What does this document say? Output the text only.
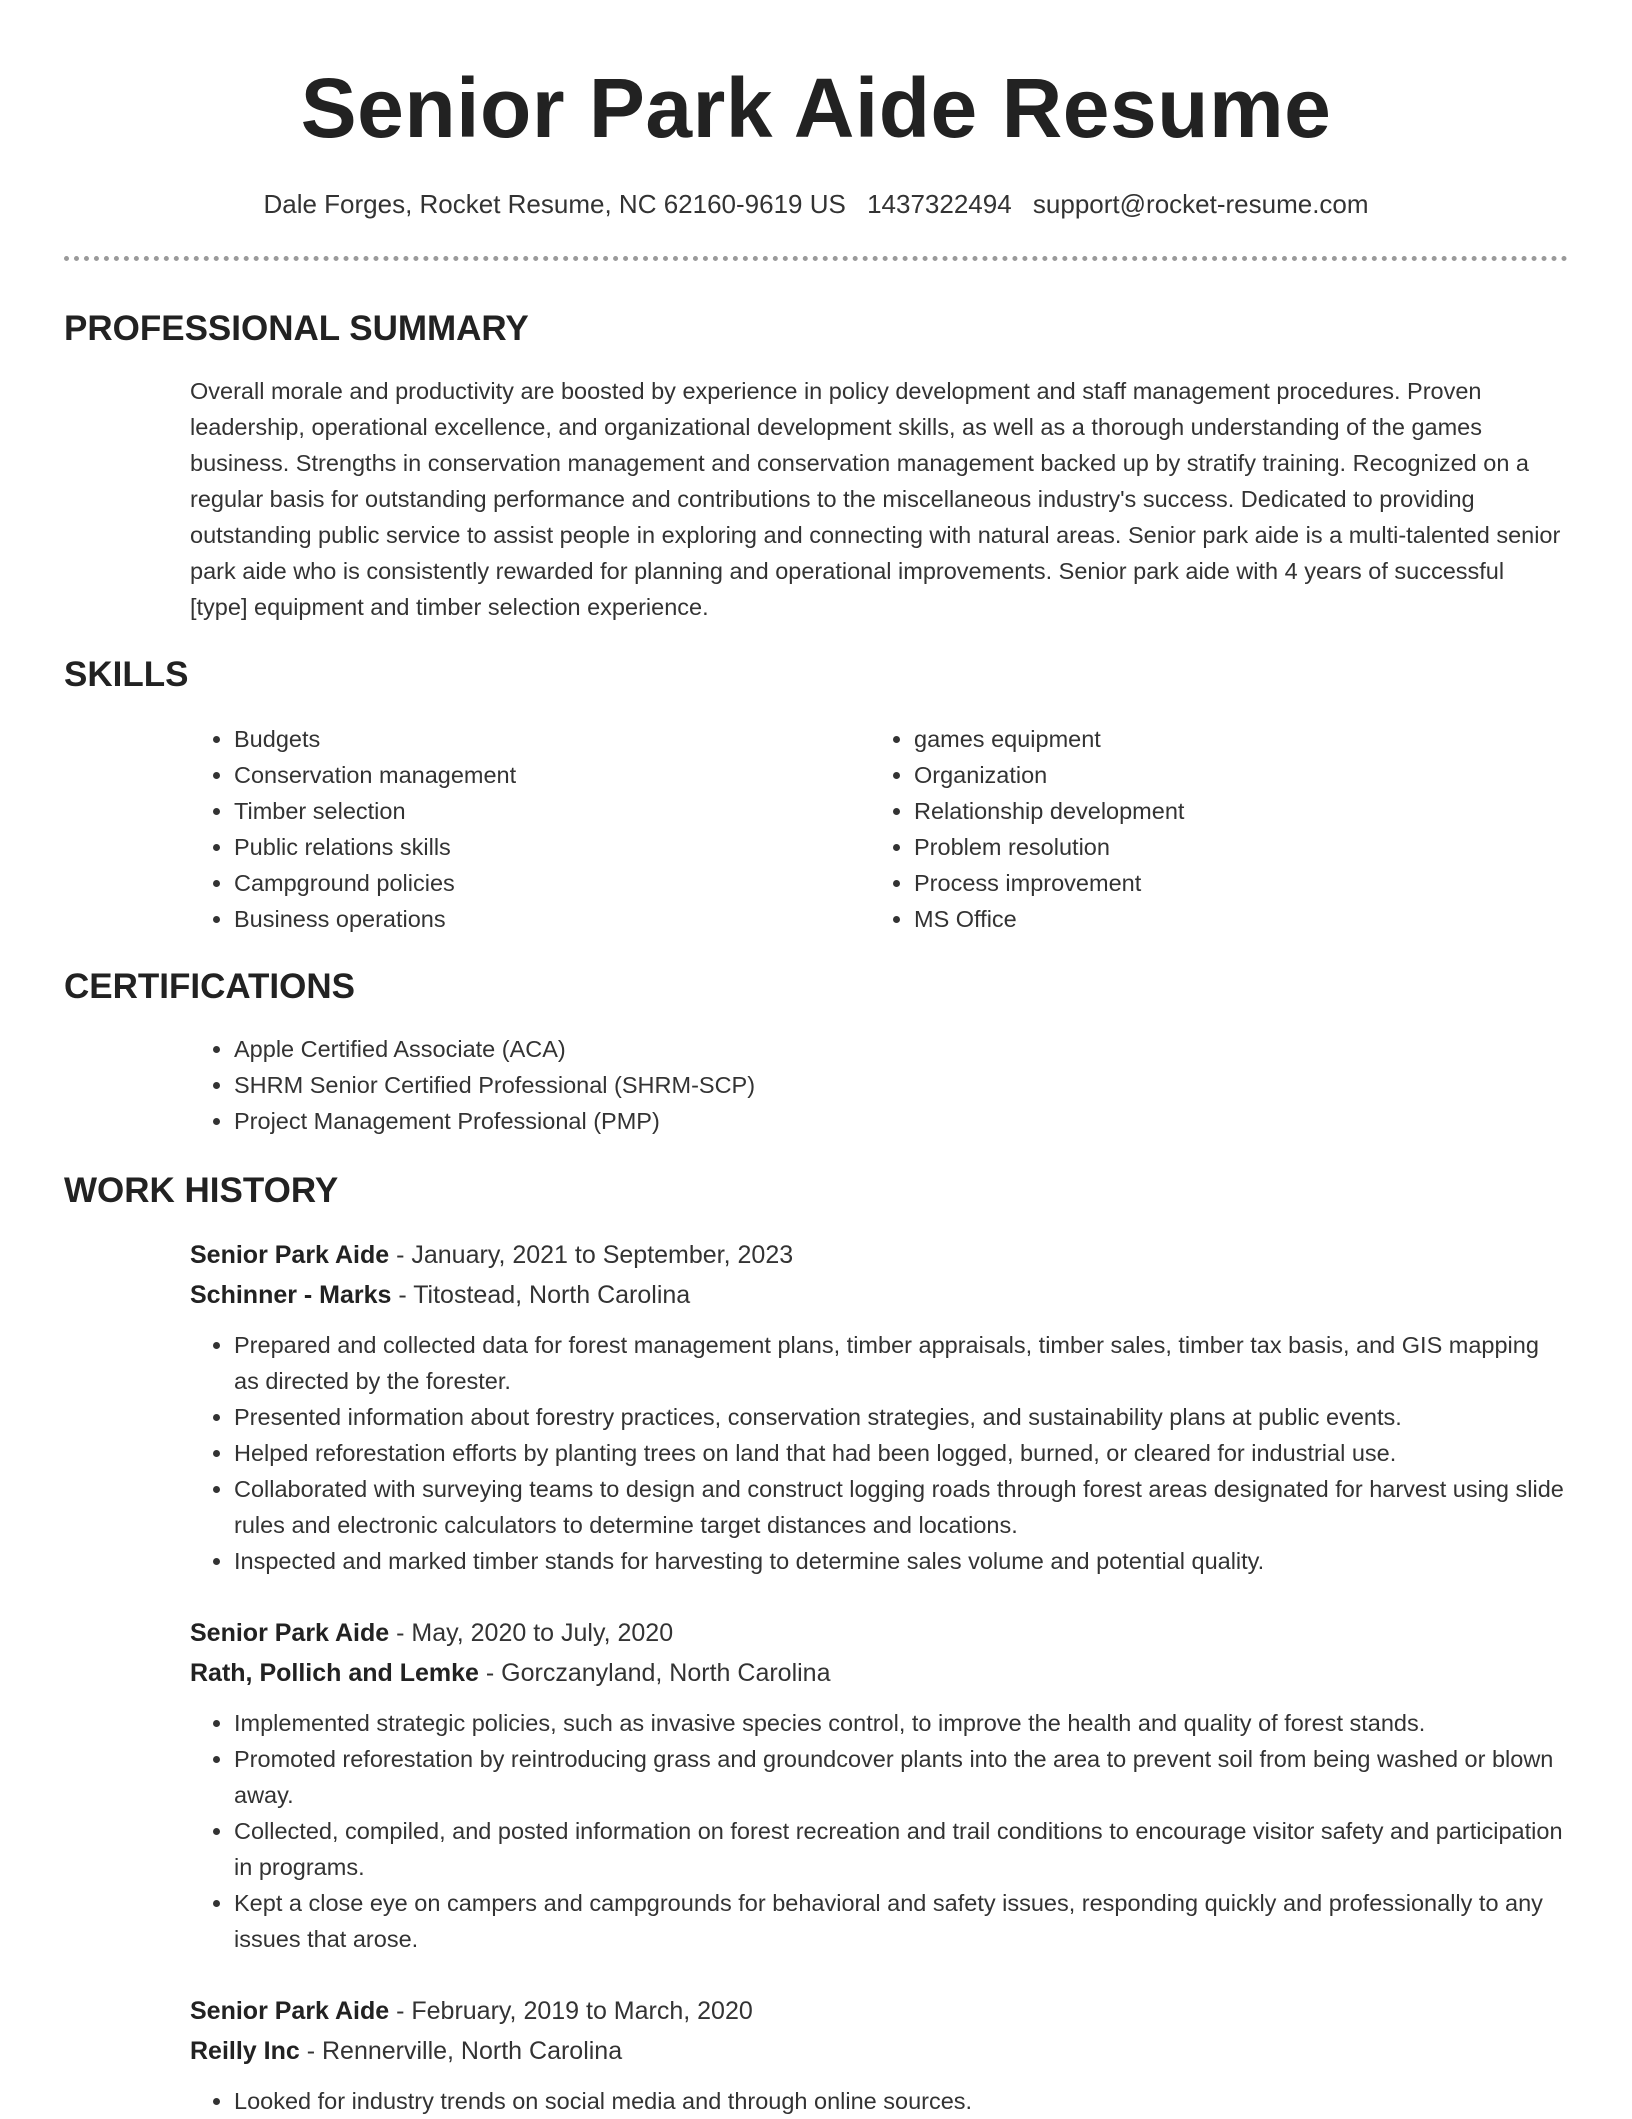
Senior Park Aide Resume
Dale Forges, Rocket Resume, NC 62160-9619 US 1437322494 support@rocket-resume.com
PROFESSIONAL SUMMARY

Overall morale and productivity are boosted by experience in policy development and staff management procedures. Proven leadership, operational excellence, and organizational development skills, as well as a thorough understanding of the games business. Strengths in conservation management and conservation management backed up by stratify training. Recognized on a regular basis for outstanding performance and contributions to the miscellaneous industry's success. Dedicated to providing outstanding public service to assist people in exploring and connecting with natural areas. Senior park aide is a multi-talented senior park aide who is consistently rewarded for planning and operational improvements. Senior park aide with 4 years of successful [type] equipment and timber selection experience.

SKILLS
• Budgets
• Conservation management
• Timber selection
• Public relations skills
• Campground policies
• Business operations
• games equipment
• Organization
• Relationship development
• Problem resolution
• Process improvement
• MS Office
CERTIFICATIONS
• Apple Certified Associate (ACA)
• SHRM Senior Certified Professional (SHRM-SCP)
• Project Management Professional (PMP)
WORK HISTORY
Senior Park Aide - January, 2021 to September, 2023
Schinner - Marks - Titostead, North Carolina
• Prepared and collected data for forest management plans, timber appraisals, timber sales, timber tax basis, and GIS mapping as directed by the forester.
• Presented information about forestry practices, conservation strategies, and sustainability plans at public events.
• Helped reforestation efforts by planting trees on land that had been logged, burned, or cleared for industrial use.
• Collaborated with surveying teams to design and construct logging roads through forest areas designated for harvest using slide rules and electronic calculators to determine target distances and locations.
• Inspected and marked timber stands for harvesting to determine sales volume and potential quality.
Senior Park Aide - May, 2020 to July, 2020
Rath, Pollich and Lemke - Gorczanyland, North Carolina
• Implemented strategic policies, such as invasive species control, to improve the health and quality of forest stands.
• Promoted reforestation by reintroducing grass and groundcover plants into the area to prevent soil from being washed or blown away.
• Collected, compiled, and posted information on forest recreation and trail conditions to encourage visitor safety and participation in programs.
• Kept a close eye on campers and campgrounds for behavioral and safety issues, responding quickly and professionally to any issues that arose.
Senior Park Aide - February, 2019 to March, 2020
Reilly Inc - Rennerville, North Carolina
• Looked for industry trends on social media and through online sources.
